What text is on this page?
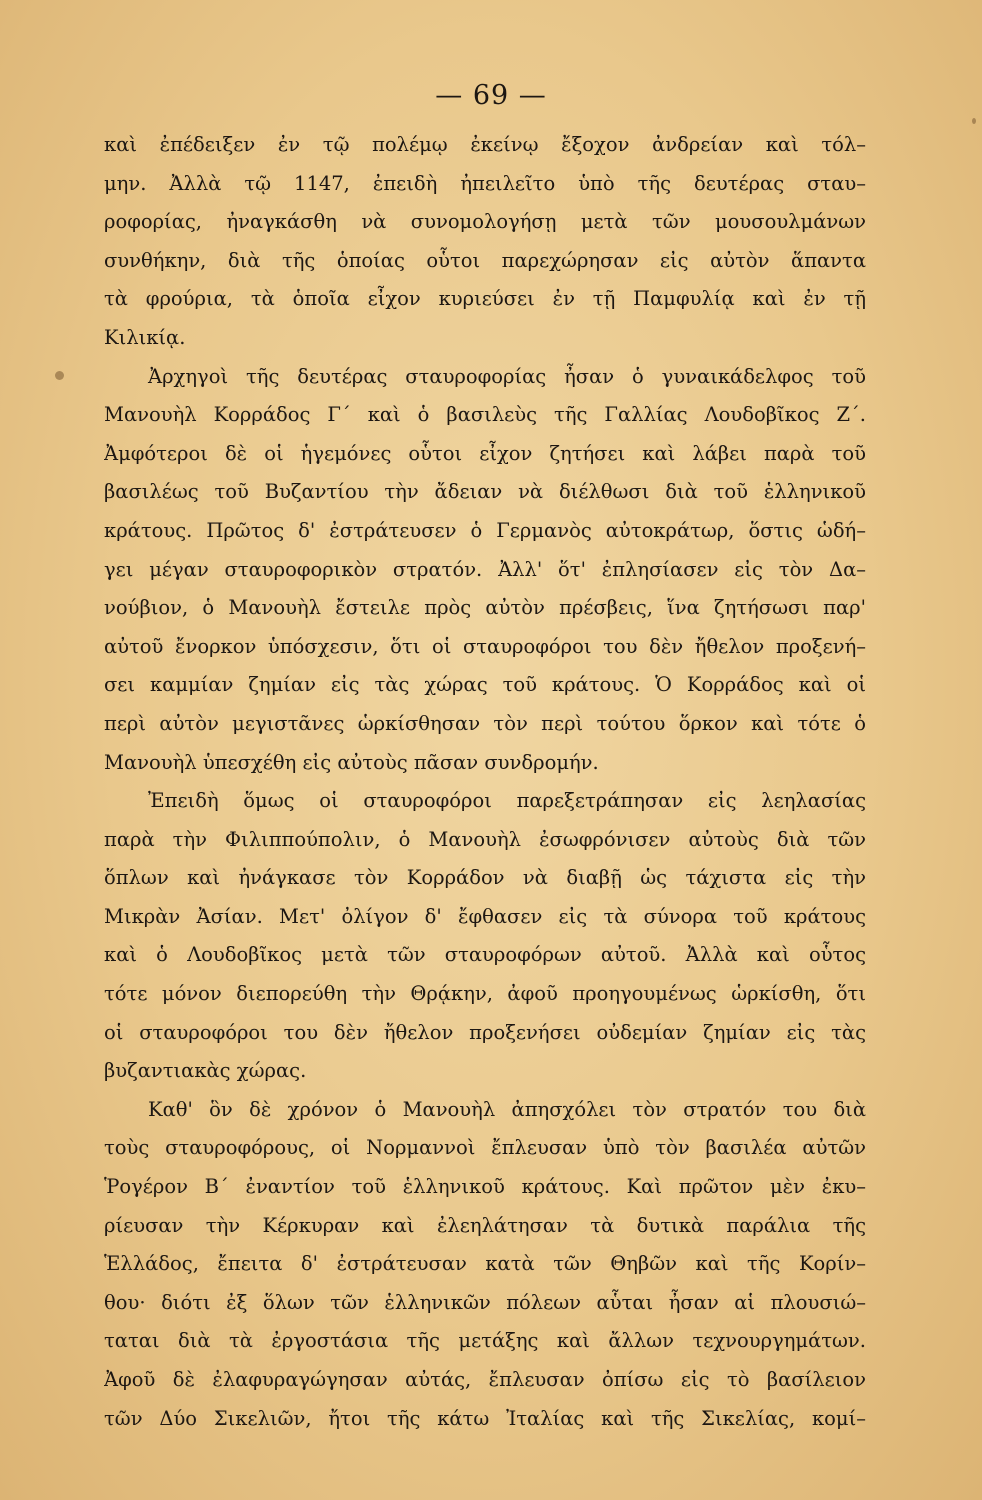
— 69 —
καὶ ἐπέδειξεν ἐν τῷ πολέμῳ ἐκείνῳ ἔξοχον ἀνδρείαν καὶ τόλ–
μην. Ἀλλὰ τῷ 1147, ἐπειδὴ ἠπειλεῖτο ὑπὸ τῆς δευτέρας σταυ–
ροφορίας, ἠναγκάσθη νὰ συνομολογήσῃ μετὰ τῶν μουσουλμάνων
συνθήκην, διὰ τῆς ὁποίας οὗτοι παρεχώρησαν εἰς αὐτὸν ἅπαντα
τὰ φρούρια, τὰ ὁποῖα εἶχον κυριεύσει ἐν τῇ Παμφυλίᾳ καὶ ἐν τῇ
Κιλικίᾳ.
Ἀρχηγοὶ τῆς δευτέρας σταυροφορίας ἦσαν ὁ γυναικάδελφος τοῦ
Μανουὴλ Κορράδος Γ΄ καὶ ὁ βασιλεὺς τῆς Γαλλίας Λουδοβῖκος Ζ΄.
Ἀμφότεροι δὲ οἱ ἡγεμόνες οὗτοι εἶχον ζητήσει καὶ λάβει παρὰ τοῦ
βασιλέως τοῦ Βυζαντίου τὴν ἄδειαν νὰ διέλθωσι διὰ τοῦ ἑλληνικοῦ
κράτους. Πρῶτος δ' ἐστράτευσεν ὁ Γερμανὸς αὐτοκράτωρ, ὅστις ὡδή–
γει μέγαν σταυροφορικὸν στρατόν. Ἀλλ' ὅτ' ἐπλησίασεν εἰς τὸν Δα–
νούβιον, ὁ Μανουὴλ ἔστειλε πρὸς αὐτὸν πρέσβεις, ἵνα ζητήσωσι παρ'
αὐτοῦ ἔνορκον ὑπόσχεσιν, ὅτι οἱ σταυροφόροι του δὲν ἤθελον προξενή–
σει καμμίαν ζημίαν εἰς τὰς χώρας τοῦ κράτους. Ὁ Κορράδος καὶ οἱ
περὶ αὐτὸν μεγιστᾶνες ὡρκίσθησαν τὸν περὶ τούτου ὅρκον καὶ τότε ὁ
Μανουὴλ ὑπεσχέθη εἰς αὐτοὺς πᾶσαν συνδρομήν.
Ἐπειδὴ ὅμως οἱ σταυροφόροι παρεξετράπησαν εἰς λεηλασίας
παρὰ τὴν Φιλιππούπολιν, ὁ Μανουὴλ ἐσωφρόνισεν αὐτοὺς διὰ τῶν
ὅπλων καὶ ἠνάγκασε τὸν Κορράδον νὰ διαβῇ ὡς τάχιστα εἰς τὴν
Μικρὰν Ἀσίαν. Μετ' ὀλίγον δ' ἔφθασεν εἰς τὰ σύνορα τοῦ κράτους
καὶ ὁ Λουδοβῖκος μετὰ τῶν σταυροφόρων αὐτοῦ. Ἀλλὰ καὶ οὗτος
τότε μόνον διεπορεύθη τὴν Θρᾴκην, ἀφοῦ προηγουμένως ὡρκίσθη, ὅτι
οἱ σταυροφόροι του δὲν ἤθελον προξενήσει οὐδεμίαν ζημίαν εἰς τὰς
βυζαντιακὰς χώρας.
Καθ' ὃν δὲ χρόνον ὁ Μανουὴλ ἀπησχόλει τὸν στρατόν του διὰ
τοὺς σταυροφόρους, οἱ Νορμαννοὶ ἔπλευσαν ὑπὸ τὸν βασιλέα αὐτῶν
Ῥογέρον Β΄ ἐναντίον τοῦ ἑλληνικοῦ κράτους. Καὶ πρῶτον μὲν ἐκυ–
ρίευσαν τὴν Κέρκυραν καὶ ἐλεηλάτησαν τὰ δυτικὰ παράλια τῆς
Ἑλλάδος, ἔπειτα δ' ἐστράτευσαν κατὰ τῶν Θηβῶν καὶ τῆς Κορίν–
θου· διότι ἐξ ὅλων τῶν ἑλληνικῶν πόλεων αὗται ἦσαν αἱ πλουσιώ–
ταται διὰ τὰ ἐργοστάσια τῆς μετάξης καὶ ἄλλων τεχνουργημάτων.
Ἀφοῦ δὲ ἐλαφυραγώγησαν αὐτάς, ἔπλευσαν ὀπίσω εἰς τὸ βασίλειον
τῶν Δύο Σικελιῶν, ἤτοι τῆς κάτω Ἰταλίας καὶ τῆς Σικελίας, κομί–
